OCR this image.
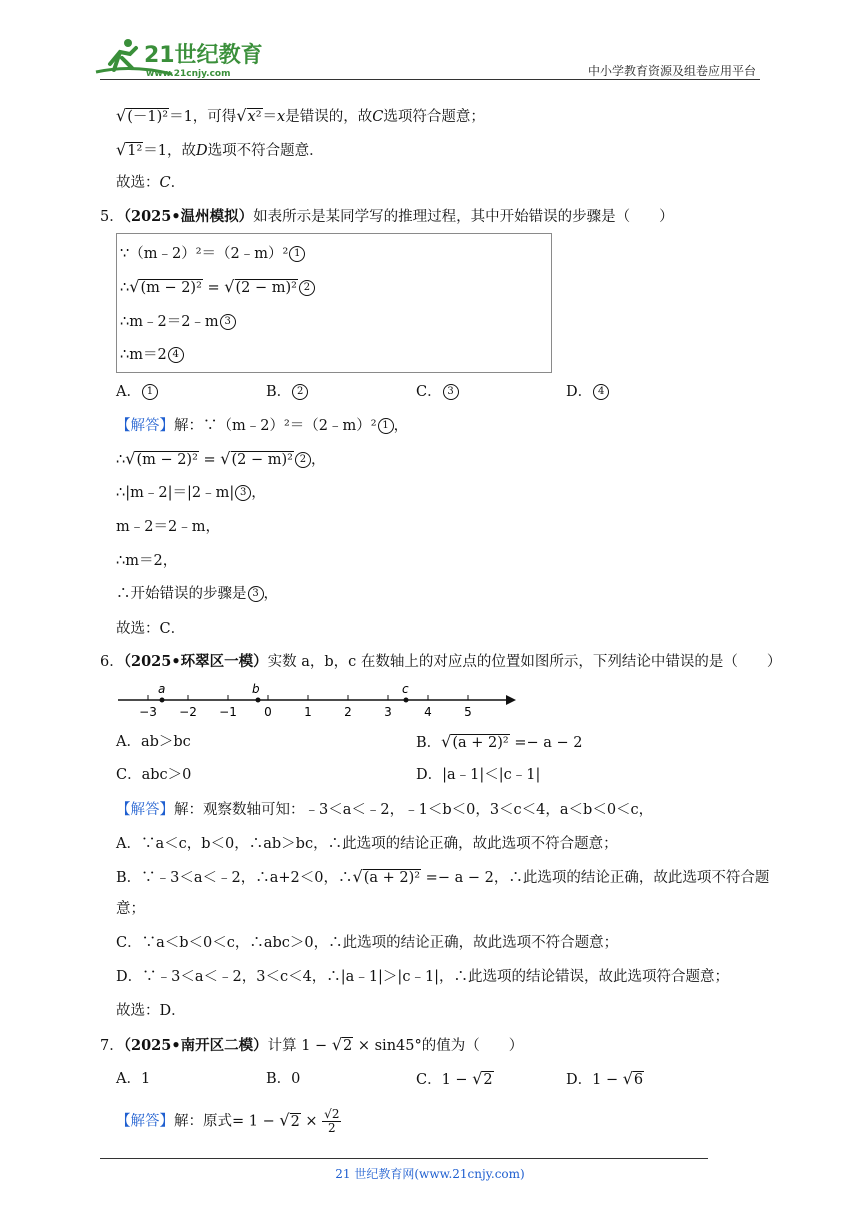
21世纪教育
www.21cnjy.com	中小学教育资源及组卷应用平台
√(－1)²＝1，可得√x²＝x是错误的，故C选项符合题意；
√1²＝1，故D选项不符合题意．
故选：C．
5．（2025•温州模拟）如表所示是某同学写的推理过程，其中开始错误的步骤是（　　）
∵（m﹣2）²＝（2﹣m）² 1
∴√(m − 2)² = √(2 − m)² 2
∴m﹣2＝2﹣m 3
∴m＝2 4
A． 1	B． 2	C． 3	D． 4
【解答】解：∵（m﹣2）²＝（2﹣m）² 1 ，
∴√(m − 2)² = √(2 − m)² 2 ，
∴|m﹣2|＝|2﹣m| 3 ，
m﹣2＝2﹣m，
∴m＝2，
∴开始错误的步骤是 3 ，
故选：C．
6．（2025•环翠区一模）实数 a，b，c 在数轴上的对应点的位置如图所示，下列结论中错误的是（　　）
−3 −2 −1 0	1	2	3	4	5
a	b	c
A．ab＞bc	B．√(a + 2)² =− a − 2
C．abc＞0	D．|a﹣1|＜|c﹣1|
【解答】解：观察数轴可知：﹣3＜a＜﹣2，﹣1＜b＜0，3＜c＜4，a＜b＜0＜c，
A．∵a＜c，b＜0，∴ab＞bc，∴此选项的结论正确，故此选项不符合题意；
B．∵﹣3＜a＜﹣2，∴a+2＜0，∴√(a + 2)² =− a − 2，∴此选项的结论正确，故此选项不符合题
意；
C．∵a＜b＜0＜c，∴abc＞0，∴此选项的结论正确，故此选项不符合题意；
D．∵﹣3＜a＜﹣2，3＜c＜4，∴|a﹣1|＞|c﹣1|，∴此选项的结论错误，故此选项符合题意；
故选：D．
7．（2025•南开区二模）计算 1 − √2 × sin45°的值为（　　）
A．1	B．0	C．1 − √2	D．1 − √6
【解答】解：原式= $1 - √2 \times \frac{√2}{2}$
21 世纪教育网(www.21cnjy.com)
